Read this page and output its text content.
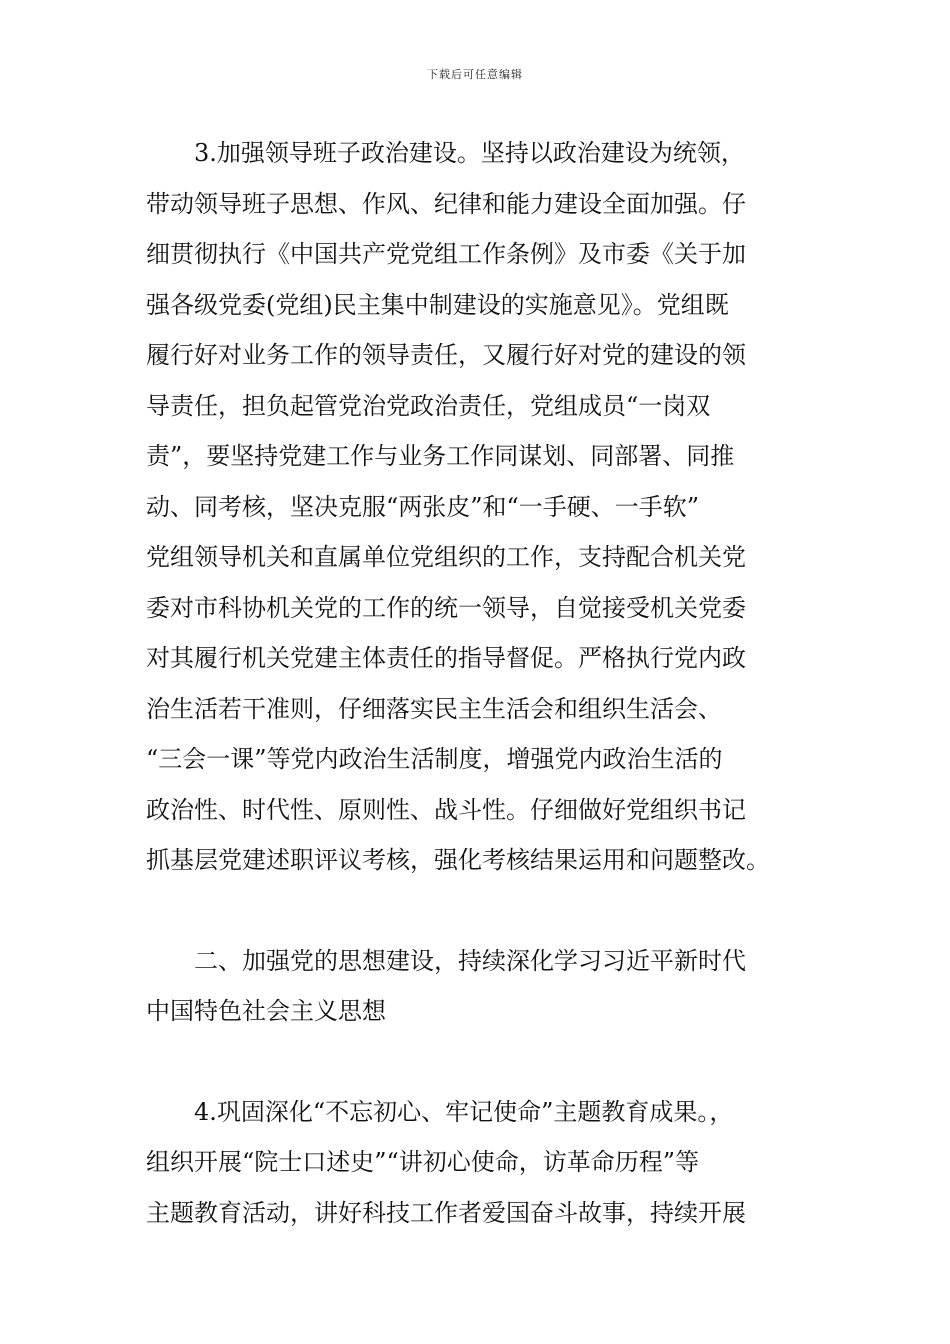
下载后可任意编辑

　　3.加强领导班子政治建设。坚持以政治建设为统领，

带动领导班子思想、作风、纪律和能力建设全面加强。仔

细贯彻执行《中国共产党党组工作条例》及市委《关于加

强各级党委(党组)民主集中制建设的实施意见》。党组既

履行好对业务工作的领导责任，又履行好对党的建设的领

导责任，担负起管党治党政治责任，党组成员“一岗双

责”，要坚持党建工作与业务工作同谋划、同部署、同推

动、同考核，坚决克服“两张皮”和“一手硬、一手软”

党组领导机关和直属单位党组织的工作，支持配合机关党

委对市科协机关党的工作的统一领导，自觉接受机关党委

对其履行机关党建主体责任的指导督促。严格执行党内政

治生活若干准则，仔细落实民主生活会和组织生活会、

“三会一课”等党内政治生活制度，增强党内政治生活的

政治性、时代性、原则性、战斗性。仔细做好党组织书记

抓基层党建述职评议考核，强化考核结果运用和问题整改。

　　二、加强党的思想建设，持续深化学习习近平新时代

中国特色社会主义思想

　　4.巩固深化“不忘初心、牢记使命”主题教育成果。，

组织开展“院士口述史”“讲初心使命，访革命历程”等

主题教育活动，讲好科技工作者爱国奋斗故事，持续开展
